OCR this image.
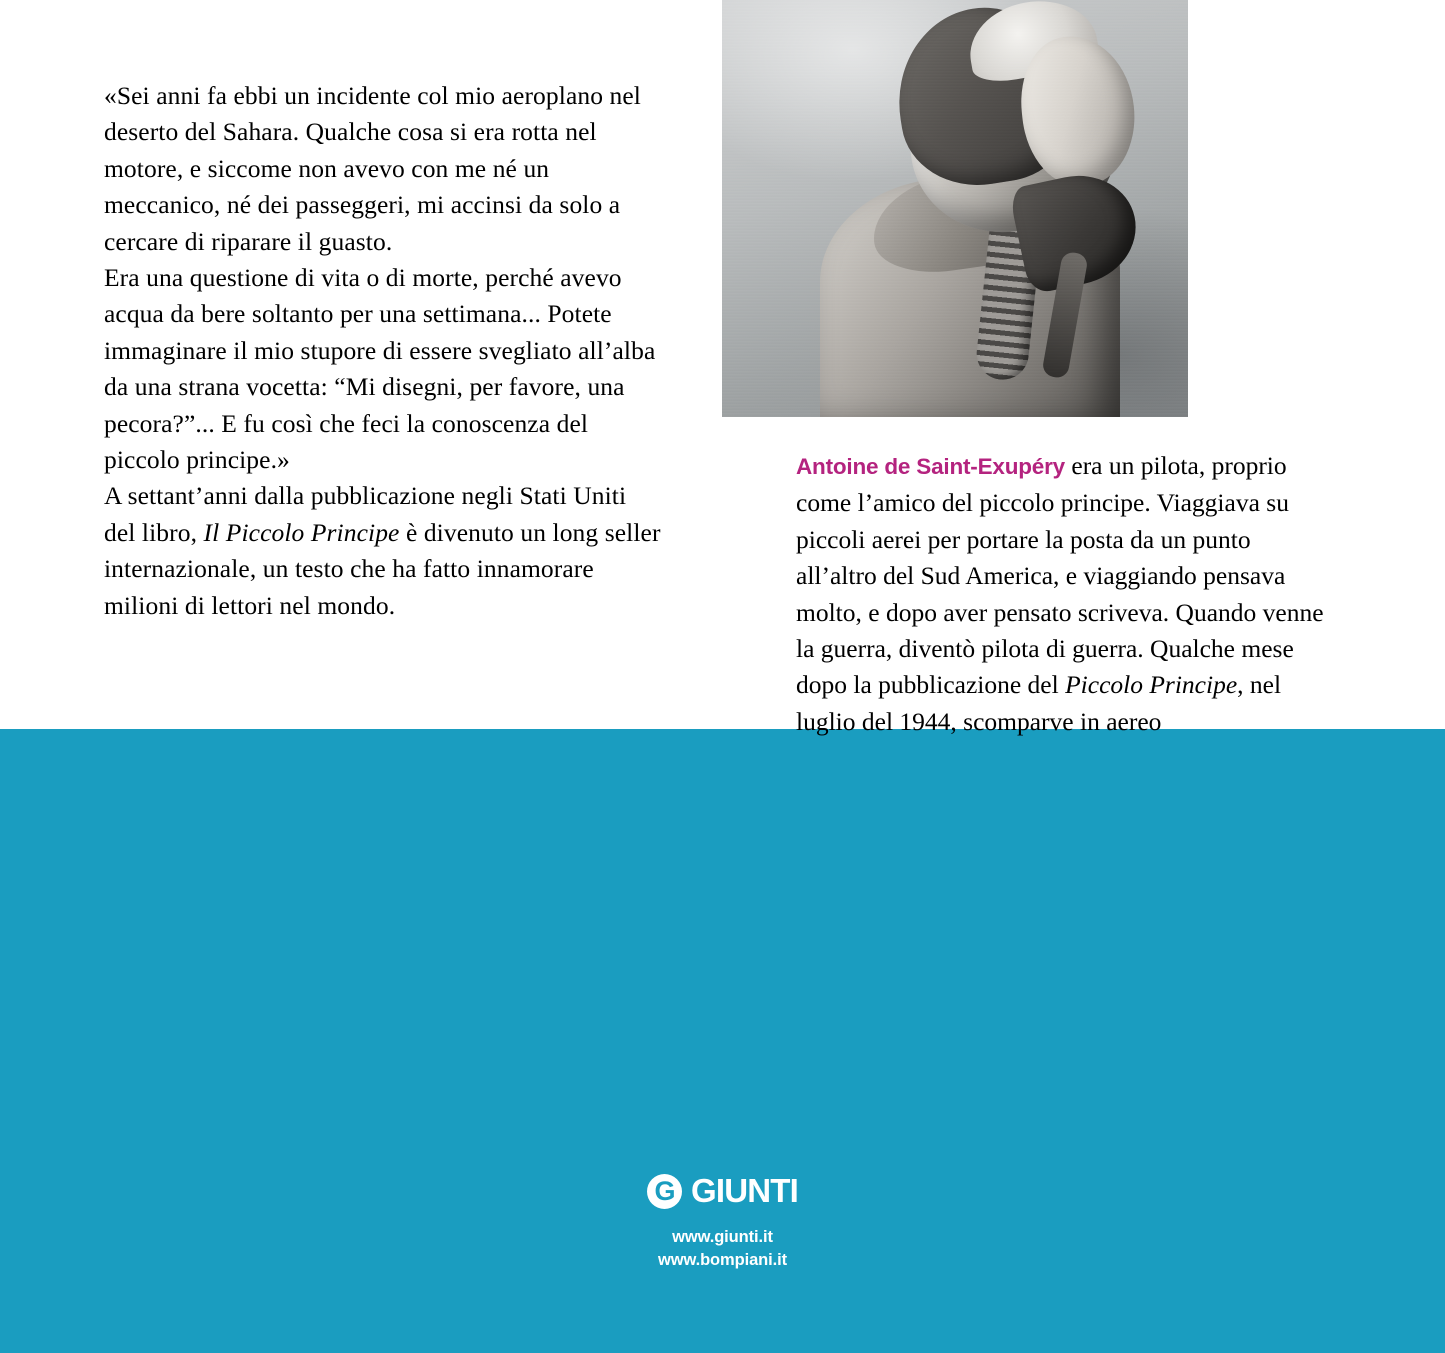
«Sei anni fa ebbi un incidente col mio aeroplano nel deserto del Sahara. Qualche cosa si era rotta nel motore, e siccome non avevo con me né un meccanico, né dei passeggeri, mi accinsi da solo a cercare di riparare il guasto.

Era una questione di vita o di morte, perché avevo acqua da bere soltanto per una settimana... Potete immaginare il mio stupore di essere svegliato all’alba da una strana vocetta: “Mi disegni, per favore, una pecora?”... E fu così che feci la conoscenza del piccolo principe.»

A settant’anni dalla pubblicazione negli Stati Uniti del libro, Il Piccolo Principe è divenuto un long seller internazionale, un testo che ha fatto innamorare milioni di lettori nel mondo.

Antoine de Saint-Exupéry era un pilota, proprio come l’amico del piccolo principe. Viaggiava su piccoli aerei per portare la posta da un punto all’altro del Sud America, e viaggiando pensava molto, e dopo aver pensato scriveva. Quando venne la guerra, diventò pilota di guerra. Qualche mese dopo la pubblicazione del Piccolo Principe, nel luglio del 1944, scomparve in aereo
G GIUNTI
www.giunti.it
www.bompiani.it
